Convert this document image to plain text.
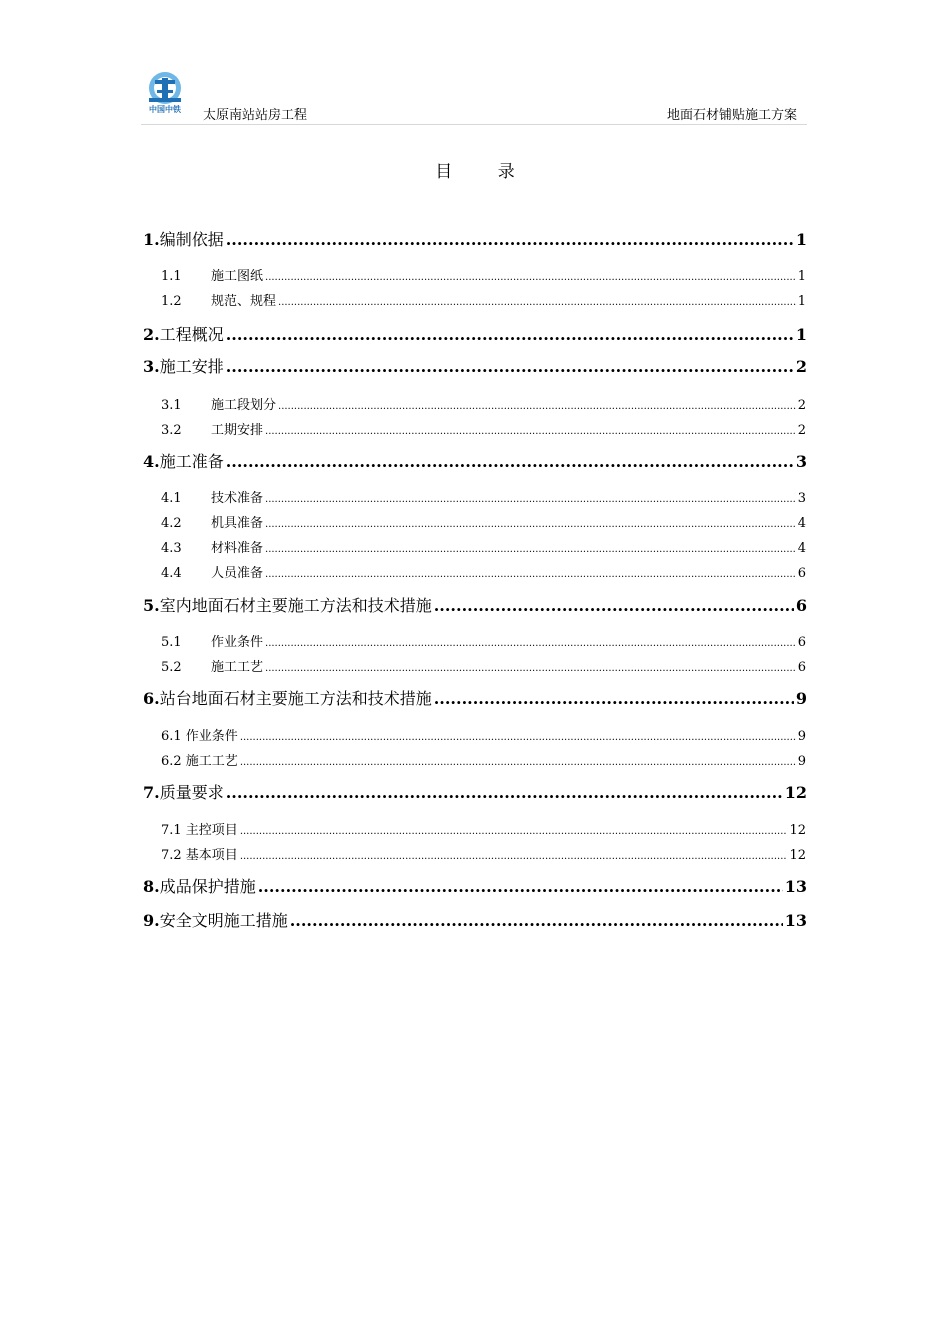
中国中铁	太原南站站房工程	地面石材铺贴施工方案
目 录
1.编制依据 .....	1
1.1 施工图纸 .....	1
1.2 规范、规程 .....	1
2.工程概况 .....	1
3.施工安排 .....	2
3.1 施工段划分 .....	2
3.2 工期安排 .....	2
4.施工准备 .....	3
4.1 技术准备 .....	3
4.2 机具准备 .....	4
4.3 材料准备 .....	4
4.4 人员准备 .....	6
5.室内地面石材主要施工方法和技术措施 .....	6
5.1 作业条件 .....	6
5.2 施工工艺 .....	6
6.站台地面石材主要施工方法和技术措施 .....	9
6.1 作业条件 .....	9
6.2 施工工艺 .....	9
7.质量要求 .....	12
7.1 主控项目 .....	12
7.2 基本项目 .....	12
8.成品保护措施 .....	13
9.安全文明施工措施 .....	13
